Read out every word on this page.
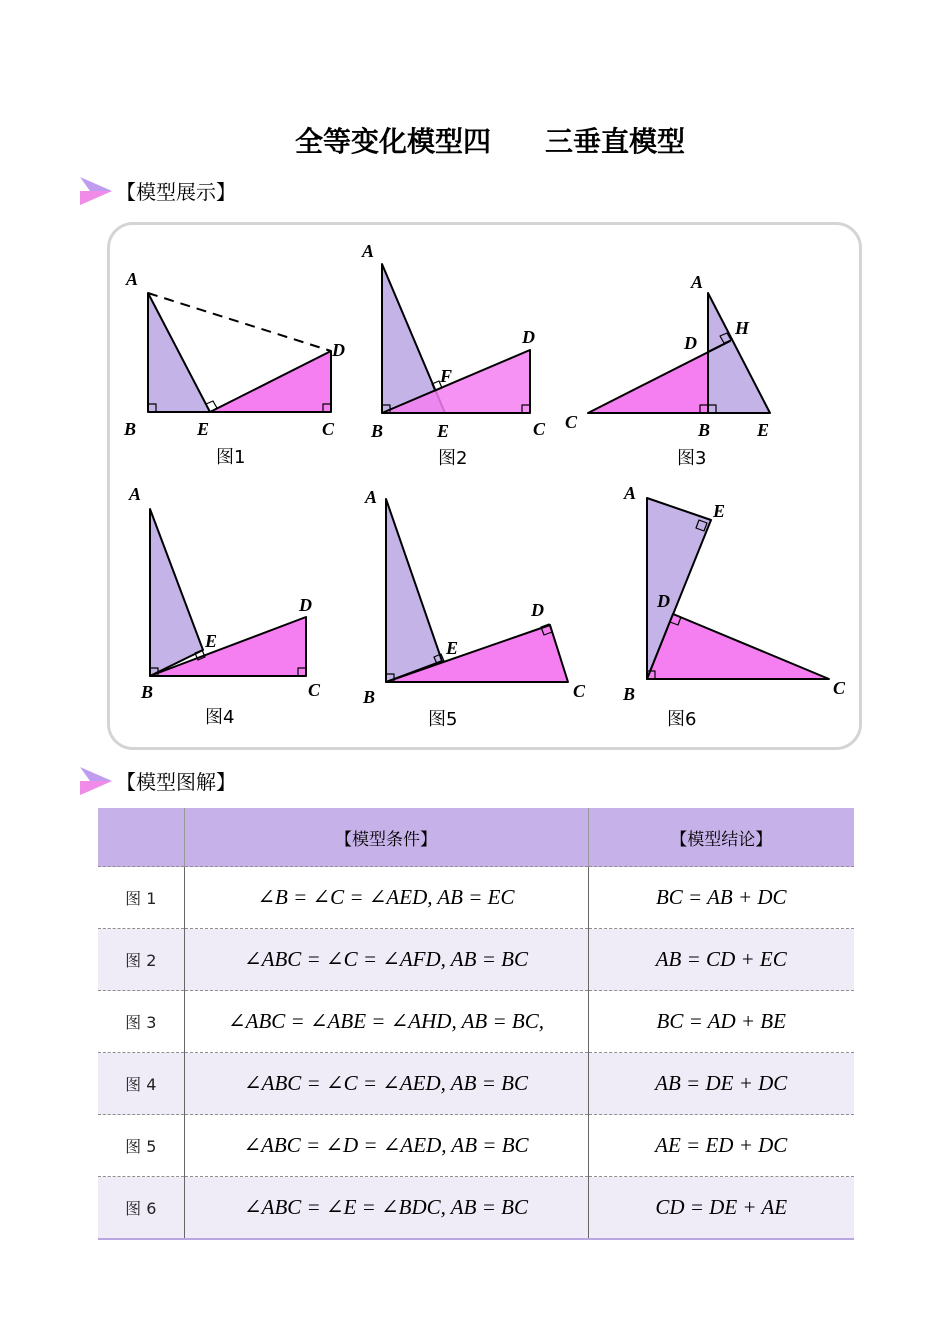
全等变化模型四 三垂直模型
【模型展示】
A
B	E	C
D
A
B	E	C
D
F
A
C	B	E
D
H
A
B	C
D
E
A
B	C
D
E
A
B	C
D
E
图1	图2	图3
图4	图5	图6
【模型图解】
	【模型条件】	【模型结论】
图 1	∠B = ∠C = ∠AED, AB = EC	BC = AB + DC
图 2	∠ABC = ∠C = ∠AFD, AB = BC	AB = CD + EC
图 3	∠ABC = ∠ABE = ∠AHD, AB = BC,	BC = AD + BE
图 4	∠ABC = ∠C = ∠AED, AB = BC	AB = DE + DC
图 5	∠ABC = ∠D = ∠AED, AB = BC	AE = ED + DC
图 6	∠ABC = ∠E = ∠BDC, AB = BC	CD = DE + AE
